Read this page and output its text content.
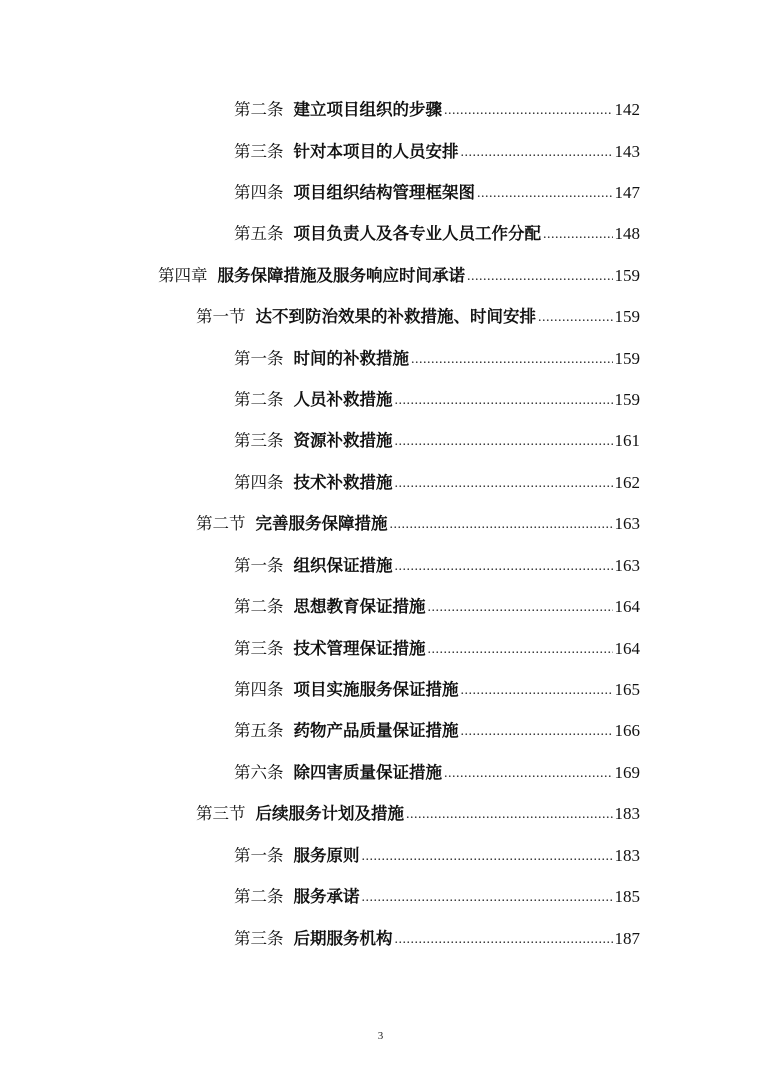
第二条 建立项目组织的步骤 .....	142
第三条 针对本项目的人员安排 .....	143
第四条 项目组织结构管理框架图 .....	147
第五条 项目负责人及各专业人员工作分配 .....	148
第四章 服务保障措施及服务响应时间承诺 .....	159
第一节 达不到防治效果的补救措施、时间安排 .....	159
第一条 时间的补救措施 .....	159
第二条 人员补救措施 .....	159
第三条 资源补救措施 .....	161
第四条 技术补救措施 .....	162
第二节 完善服务保障措施 .....	163
第一条 组织保证措施 .....	163
第二条 思想教育保证措施 .....	164
第三条 技术管理保证措施 .....	164
第四条 项目实施服务保证措施 .....	165
第五条 药物产品质量保证措施 .....	166
第六条 除四害质量保证措施 .....	169
第三节 后续服务计划及措施 .....	183
第一条 服务原则 .....	183
第二条 服务承诺 .....	185
第三条 后期服务机构 .....	187
3
